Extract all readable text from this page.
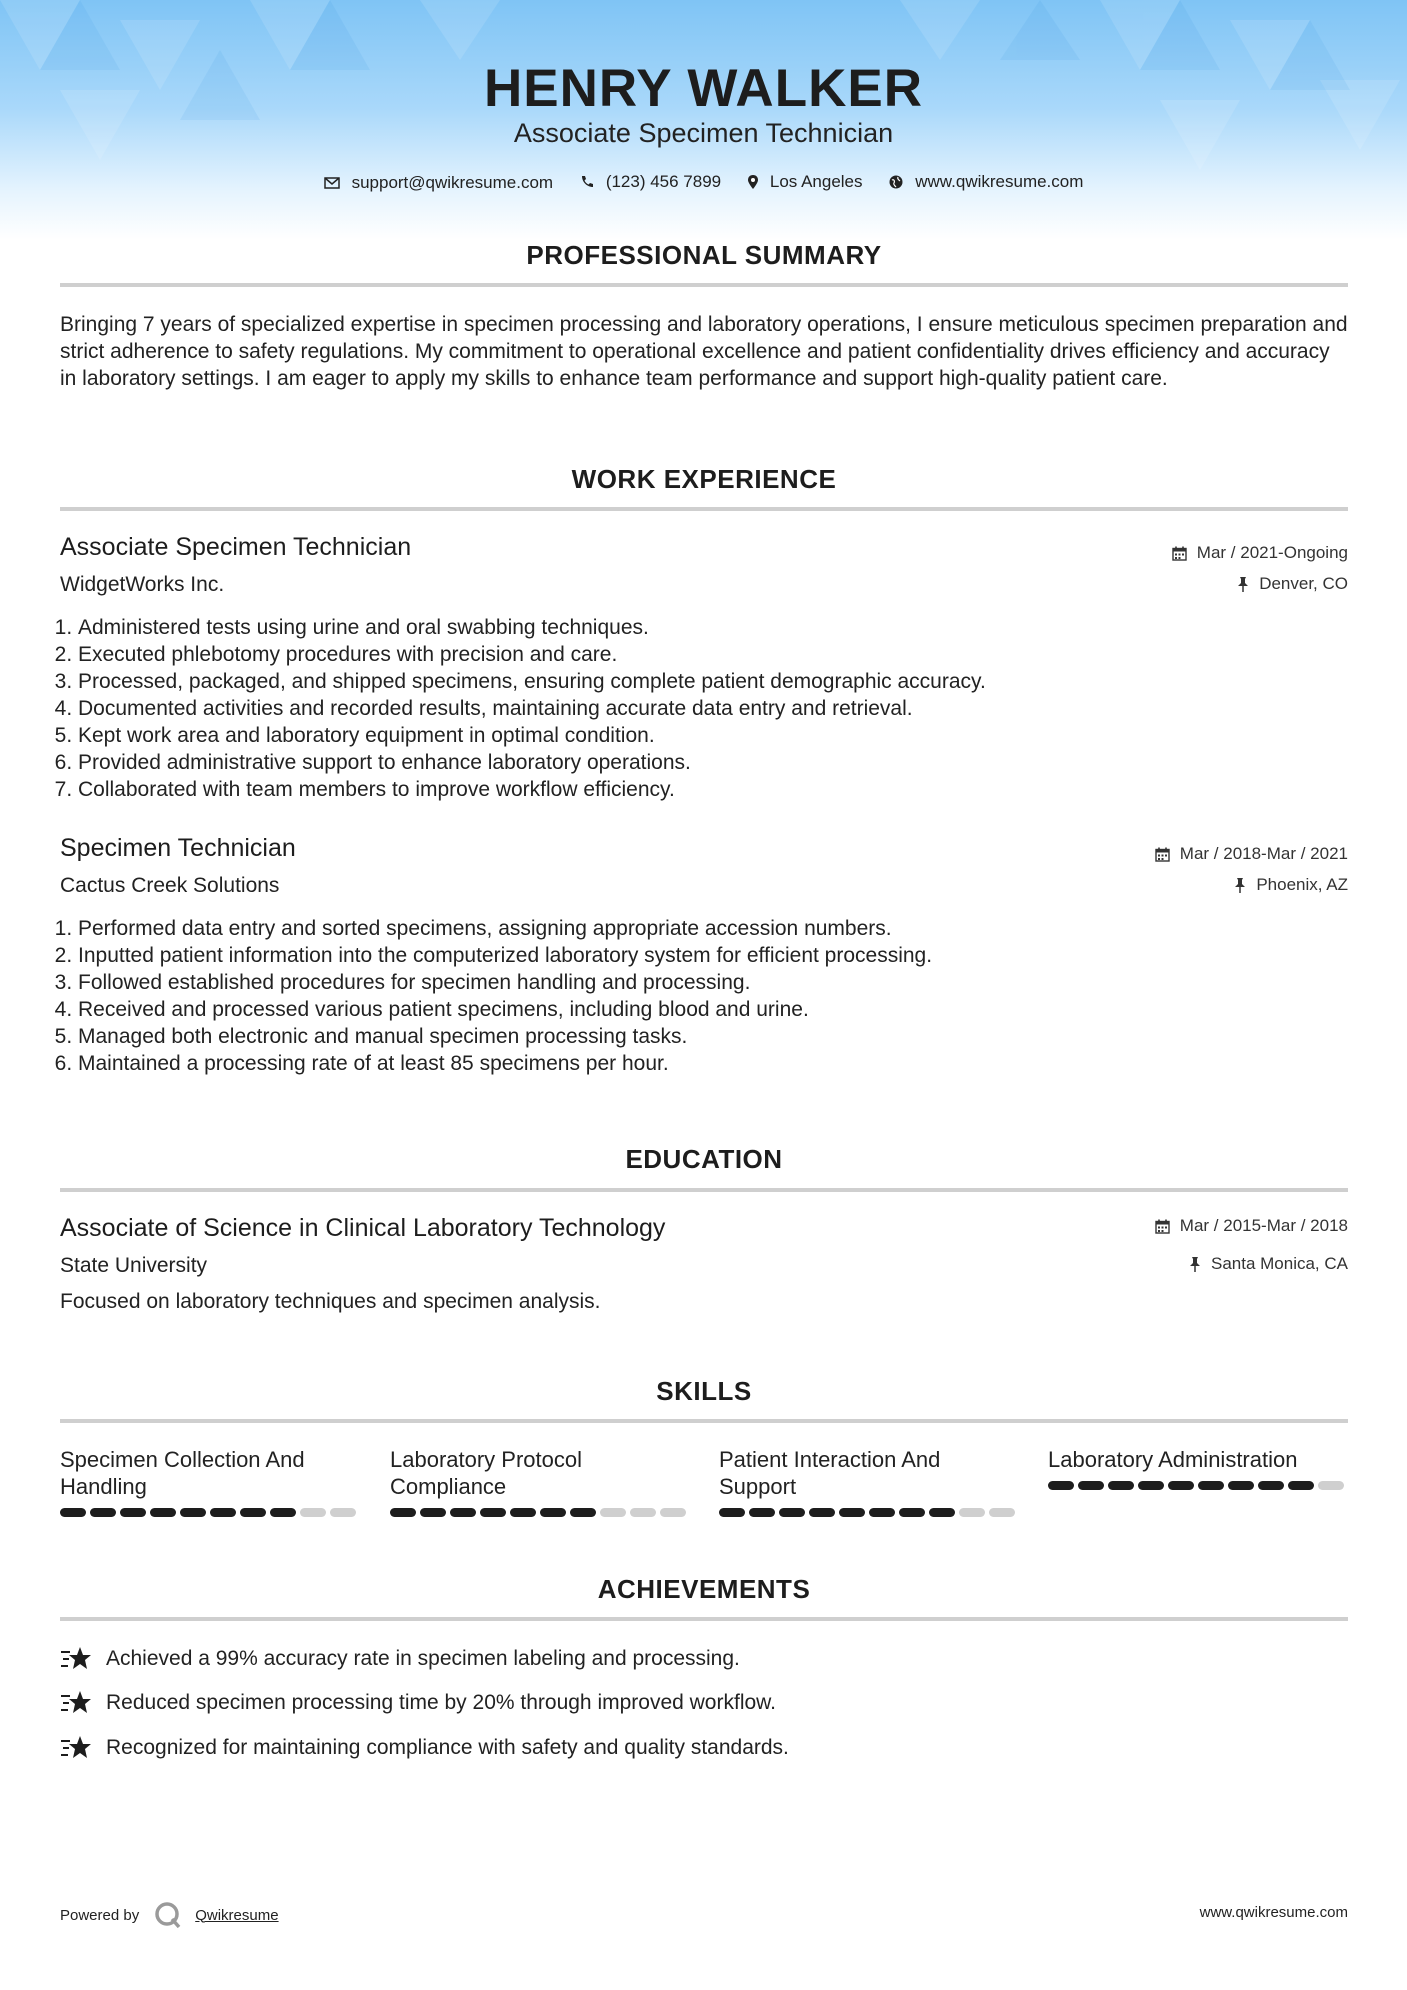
HENRY WALKER
Associate Specimen Technician
support@qwikresume.com
	(123) 456 7899
	Los Angeles
	www.qwikresume.com
PROFESSIONAL SUMMARY
Bringing 7 years of specialized expertise in specimen processing and laboratory operations, I ensure meticulous specimen preparation and strict adherence to safety regulations. My commitment to operational excellence and patient confidentiality drives efficiency and accuracy in laboratory settings. I am eager to apply my skills to enhance team performance and support high-quality patient care.
WORK EXPERIENCE
Associate Specimen Technician
WidgetWorks Inc.
Mar / 2021-Ongoing
Denver, CO
1. Administered tests using urine and oral swabbing techniques.
2. Executed phlebotomy procedures with precision and care.
3. Processed, packaged, and shipped specimens, ensuring complete patient demographic accuracy.
4. Documented activities and recorded results, maintaining accurate data entry and retrieval.
5. Kept work area and laboratory equipment in optimal condition.
6. Provided administrative support to enhance laboratory operations.
7. Collaborated with team members to improve workflow efficiency.
Specimen Technician
Cactus Creek Solutions
Mar / 2018-Mar / 2021
Phoenix, AZ
1. Performed data entry and sorted specimens, assigning appropriate accession numbers.
2. Inputted patient information into the computerized laboratory system for efficient processing.
3. Followed established procedures for specimen handling and processing.
4. Received and processed various patient specimens, including blood and urine.
5. Managed both electronic and manual specimen processing tasks.
6. Maintained a processing rate of at least 85 specimens per hour.
EDUCATION
Associate of Science in Clinical Laboratory Technology
State University
Focused on laboratory techniques and specimen analysis.
Mar / 2015-Mar / 2018
Santa Monica, CA
SKILLS
Specimen Collection And Handling
Laboratory Protocol Compliance
Patient Interaction And Support
Laboratory Administration
ACHIEVEMENTS
Achieved a 99% accuracy rate in specimen labeling and processing.
Reduced specimen processing time by 20% through improved workflow.
Recognized for maintaining compliance with safety and quality standards.
Powered by	Qwikresume	www.qwikresume.com
